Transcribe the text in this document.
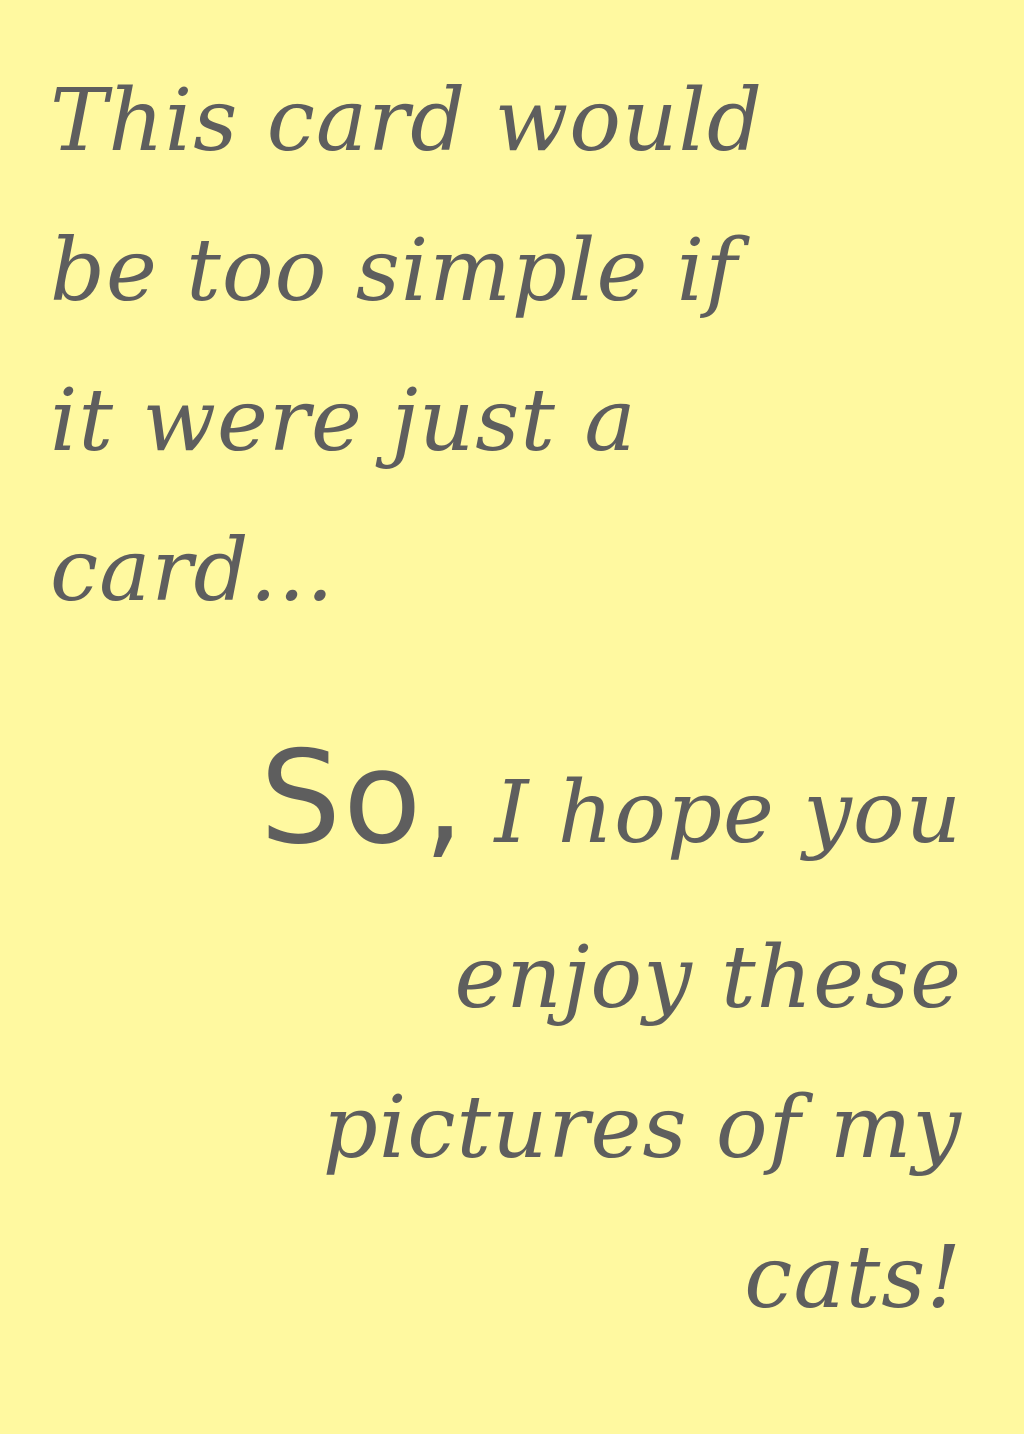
This card would

be too simple if

it were just a

card...

So, I hope you

enjoy these

pictures of my

cats!
